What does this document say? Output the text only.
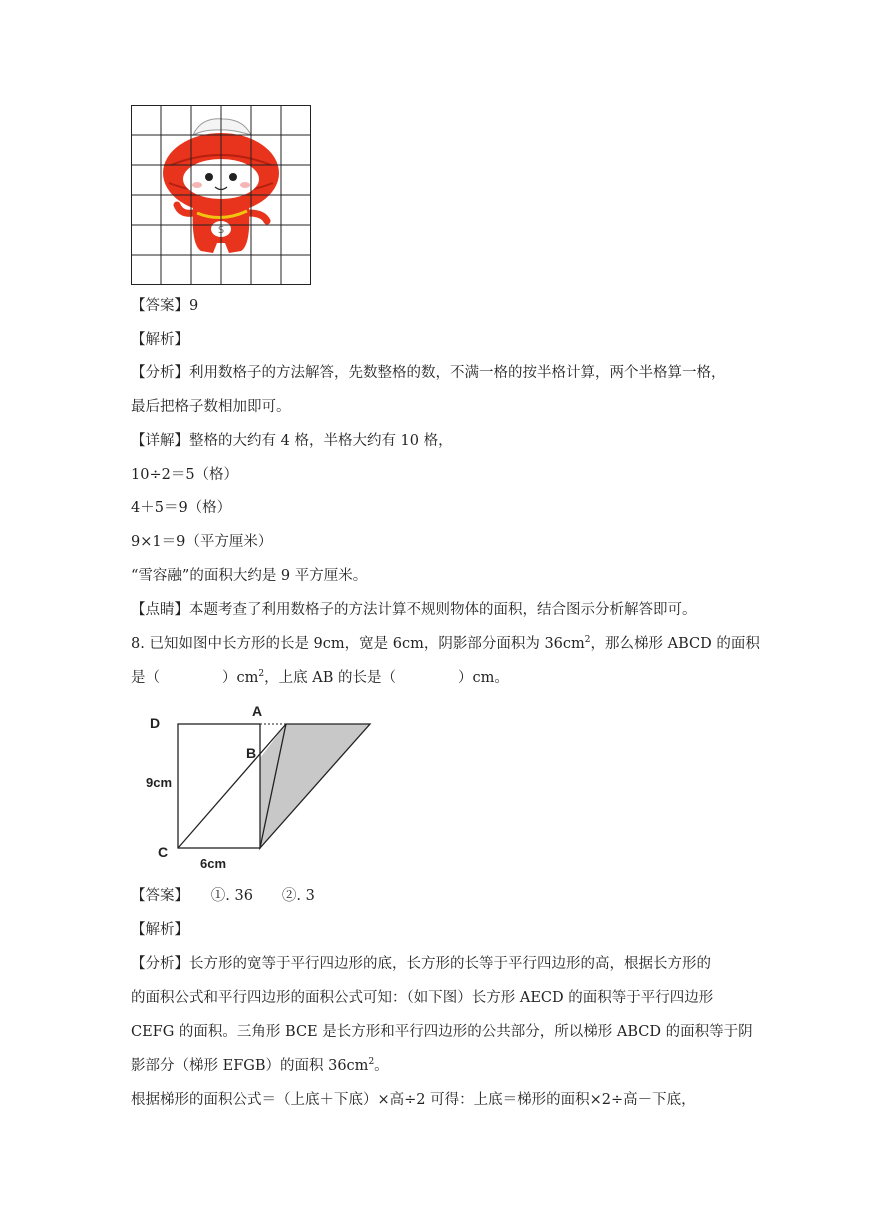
S
【答案】9
【解析】
【分析】利用数格子的方法解答，先数整格的数，不满一格的按半格计算，两个半格算一格，
最后把格子数相加即可。
【详解】整格的大约有 4 格，半格大约有 10 格，
10÷2＝5（格）
4＋5＝9（格）
9×1＝9（平方厘米）
“雪容融”的面积大约是 9 平方厘米。
【点睛】本题考查了利用数格子的方法计算不规则物体的面积，结合图示分析解答即可。
8. 已知如图中长方形的长是 9cm，宽是 6cm，阴影部分面积为 $36cm^2$，那么梯形 ABCD 的面积
是（	）$cm^2$，上底 AB 的长是（	）cm。
A
B
C
D
9cm
6cm
【答案】　　①. 36　　②. 3
【解析】
【分析】长方形的宽等于平行四边形的底，长方形的长等于平行四边形的高，根据长方形的
的面积公式和平行四边形的面积公式可知：（如下图）长方形 AECD 的面积等于平行四边形
CEFG 的面积。三角形 BCE 是长方形和平行四边形的公共部分，所以梯形 ABCD 的面积等于阴
影部分（梯形 EFGB）的面积 $36cm^2$。
根据梯形的面积公式＝（上底＋下底）×高÷2 可得：上底＝梯形的面积×2÷高－下底，
